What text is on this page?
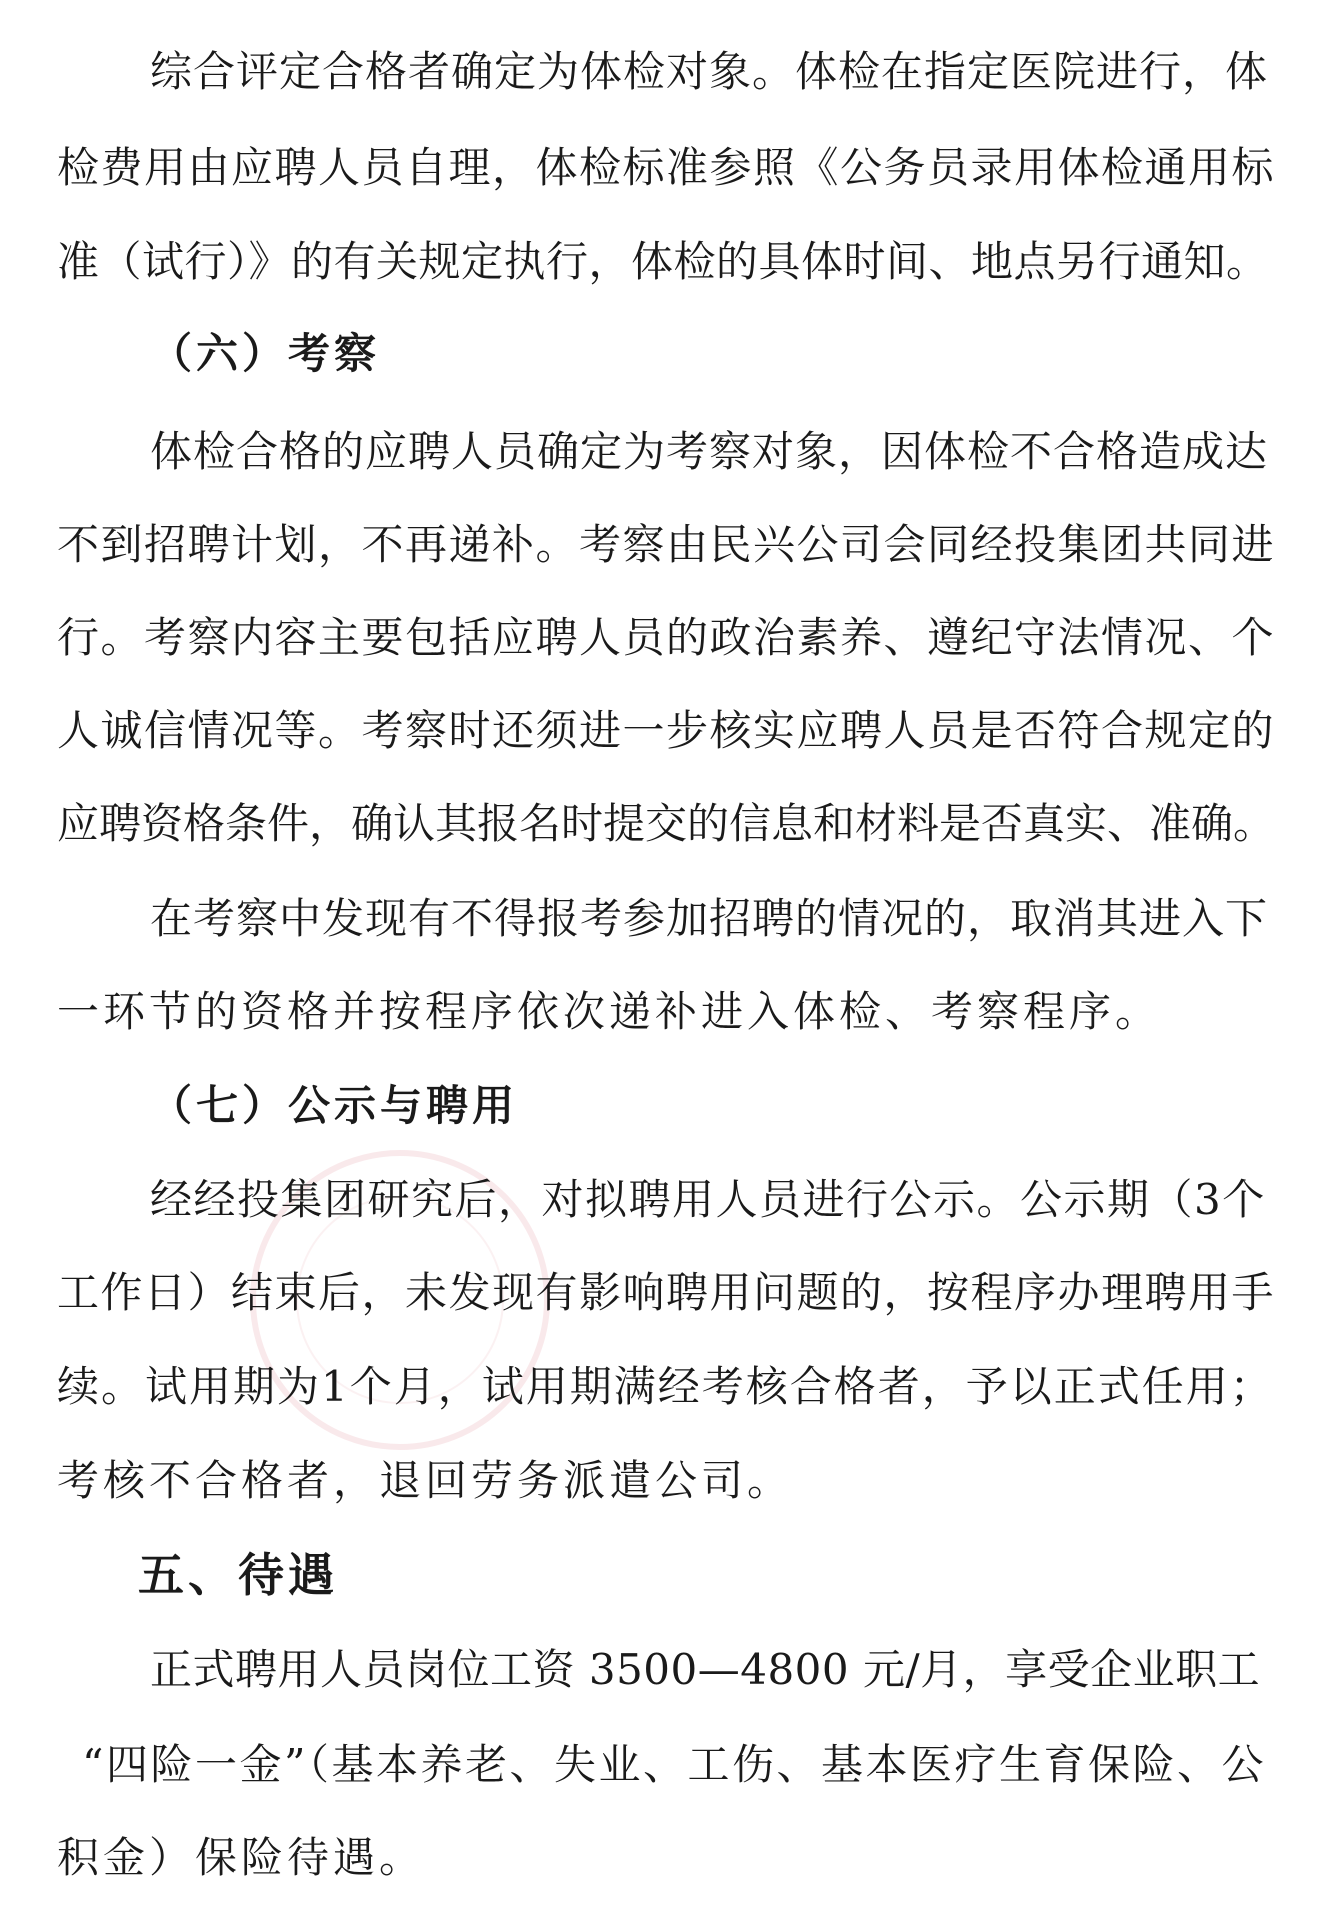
综合评定合格者确定为体检对象。体检在指定医院进行，体
检费用由应聘人员自理，体检标准参照《公务员录用体检通用标
准（试行）》的有关规定执行，体检的具体时间、地点另行通知。
（六）考察
体检合格的应聘人员确定为考察对象，因体检不合格造成达
不到招聘计划，不再递补。考察由民兴公司会同经投集团共同进
行。考察内容主要包括应聘人员的政治素养、遵纪守法情况、个
人诚信情况等。考察时还须进一步核实应聘人员是否符合规定的
应聘资格条件，确认其报名时提交的信息和材料是否真实、准确。
在考察中发现有不得报考参加招聘的情况的，取消其进入下
一环节的资格并按程序依次递补进入体检、考察程序。
（七）公示与聘用
经经投集团研究后，对拟聘用人员进行公示。公示期（3个
工作日）结束后，未发现有影响聘用问题的，按程序办理聘用手
续。试用期为1个月，试用期满经考核合格者，予以正式任用；
考核不合格者，退回劳务派遣公司。
五、待遇
正式聘用人员岗位工资 3500—4800 元/月，享受企业职工
“四险一金”（基本养老、失业、工伤、基本医疗生育保险、公
积金）保险待遇。
